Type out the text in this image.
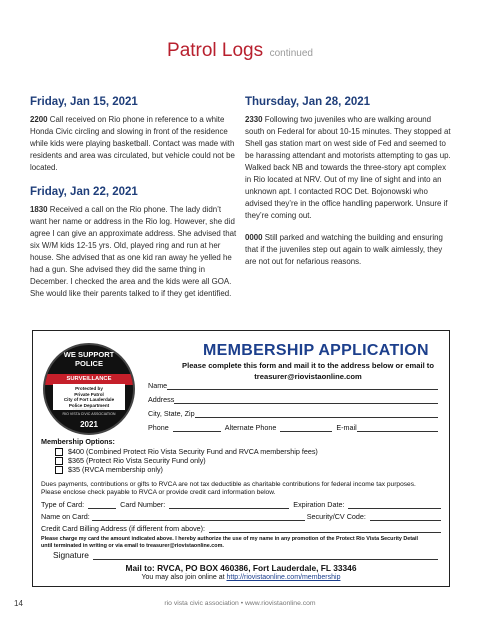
Patrol Logs continued
Friday, Jan 15, 2021

2200 Call received on Rio phone in reference to a white Honda Civic circling and slowing in front of the residence while kids were playing basketball. Contact was made with residents and area was circulated, but vehicle could not be located.

Friday, Jan 22, 2021

1830 Received a call on the Rio phone. The lady didn’t want her name or address in the Rio log. However, she did agree I can give an approximate address. She advised that six W/M kids 12-15 yrs. Old, played ring and run at her house. She advised that as one kid ran away he yelled he had a gun. She advised they did the same thing in December. I checked the area and the kids were all GOA. She would like their parents talked to if they get identified.

Thursday, Jan 28, 2021

2330 Following two juveniles who are walking around south on Federal for about 10-15 minutes. They stopped at Shell gas station mart on west side of Fed and seemed to be harassing attendant and motorists attempting to gas up. Walked back NB and towards the three-story apt complex in Rio located at NRV. Out of my line of sight and into an unknown apt. I contacted ROC Det. Bojonowski who advised they’re in the office handling paperwork. Unsure if they’re coming out.

0000 Still parked and watching the building and ensuring that if the juveniles step out again to walk aimlessly, they are not out for nefarious reasons.

WE SUPPORT
POLICE
SURVEILLANCE
Protected by
Private Patrol
City of Fort Lauderdale
Police Department
RioVistaOnline.com
RIO VISTA CIVIC ASSOCIATION
2021
MEMBERSHIP APPLICATION
Please complete this form and mail it to the address below or email to
treasurer@riovistaonline.com
Name
Address
City, State, Zip
Phone	Alternate Phone	E-mail
Membership Options:
$400 (Combined Protect Rio Vista Security Fund and RVCA membership fees)
$365 (Protect Rio Vista Security Fund only)
$35 (RVCA membership only)
Dues payments, contributions or gifts to RVCA are not tax deductible as charitable contributions for federal income tax purposes.
Please enclose check payable to RVCA or provide credit card information below.
Type of Card:	Card Number:	Expiration Date:
Name on Card:	Security/CV Code:
Credit Card Billing Address (if different from above):
Please charge my card the amount indicated above. I hereby authorize the use of my name in any promotion of the Protect Rio Vista Security Detail
until terminated in writing or via email to treasurer@riovistaonline.com.
Signature
Mail to: RVCA, PO BOX 460386, Fort Lauderdale, FL 33346
You may also join online at http://riovistaonline.com/membership
14	rio vista civic association • www.riovistaonline.com
